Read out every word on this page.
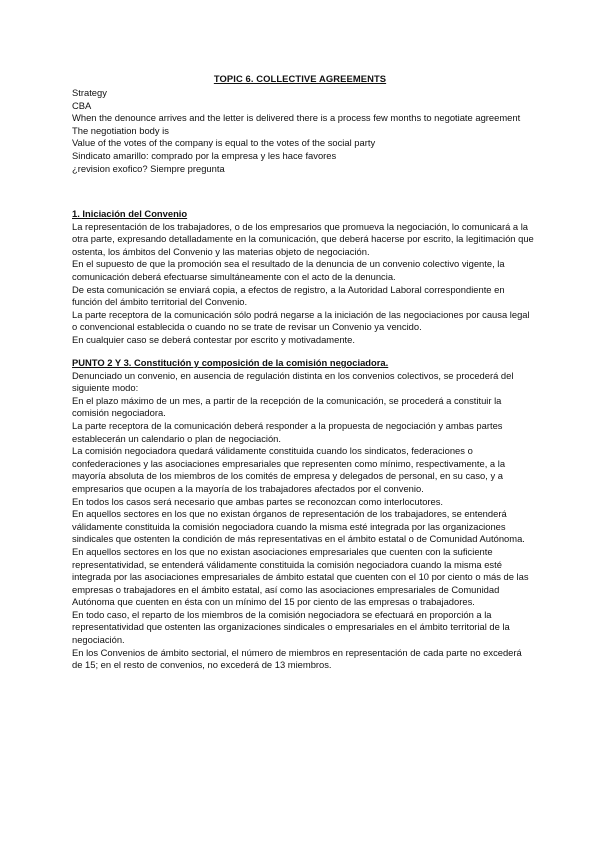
TOPIC 6. COLLECTIVE AGREEMENTS

Strategy

CBA

When the denounce arrives and the letter is delivered there is a process few months to negotiate agreement

The negotiation body is

Value of the votes of the company is equal to the votes of the social party

Sindicato amarillo: comprado por la empresa y les hace favores

¿revision exofico? Siempre pregunta

1. Iniciación del Convenio

La representación de los trabajadores, o de los empresarios que promueva la negociación, lo comunicará a la otra parte, expresando detalladamente en la comunicación, que deberá hacerse por escrito, la legitimación que ostenta, los ámbitos del Convenio y las materias objeto de negociación.

En el supuesto de que la promoción sea el resultado de la denuncia de un convenio colectivo vigente, la comunicación deberá efectuarse simultáneamente con el acto de la denuncia.

De esta comunicación se enviará copia, a efectos de registro, a la Autoridad Laboral correspondiente en función del ámbito territorial del Convenio.

La parte receptora de la comunicación sólo podrá negarse a la iniciación de las negociaciones por causa legal o convencional establecida o cuando no se trate de revisar un Convenio ya vencido.

En cualquier caso se deberá contestar por escrito y motivadamente.

PUNTO 2 Y 3. Constitución y composición de la comisión negociadora.

Denunciado un convenio, en ausencia de regulación distinta en los convenios colectivos, se procederá del siguiente modo:

En el plazo máximo de un mes, a partir de la recepción de la comunicación, se procederá a constituir la comisión negociadora.

La parte receptora de la comunicación deberá responder a la propuesta de negociación y ambas partes establecerán un calendario o plan de negociación.

La comisión negociadora quedará válidamente constituida cuando los sindicatos, federaciones o confederaciones y las asociaciones empresariales que representen como mínimo, respectivamente, a la mayoría absoluta de los miembros de los comités de empresa y delegados de personal, en su caso, y a empresarios que ocupen a la mayoría de los trabajadores afectados por el convenio.

En todos los casos será necesario que ambas partes se reconozcan como interlocutores.

En aquellos sectores en los que no existan órganos de representación de los trabajadores, se entenderá válidamente constituida la comisión negociadora cuando la misma esté integrada por las organizaciones sindicales que ostenten la condición de más representativas en el ámbito estatal o de Comunidad Autónoma.

En aquellos sectores en los que no existan asociaciones empresariales que cuenten con la suficiente representatividad, se entenderá válidamente constituida la comisión negociadora cuando la misma esté integrada por las asociaciones empresariales de ámbito estatal que cuenten con el 10 por ciento o más de las empresas o trabajadores en el ámbito estatal, así como las asociaciones empresariales de Comunidad Autónoma que cuenten en ésta con un mínimo del 15 por ciento de las empresas o trabajadores.

En todo caso, el reparto de los miembros de la comisión negociadora se efectuará en proporción a la representatividad que ostenten las organizaciones sindicales o empresariales en el ámbito territorial de la negociación.

En los Convenios de ámbito sectorial, el número de miembros en representación de cada parte no excederá de 15; en el resto de convenios, no excederá de 13 miembros.
